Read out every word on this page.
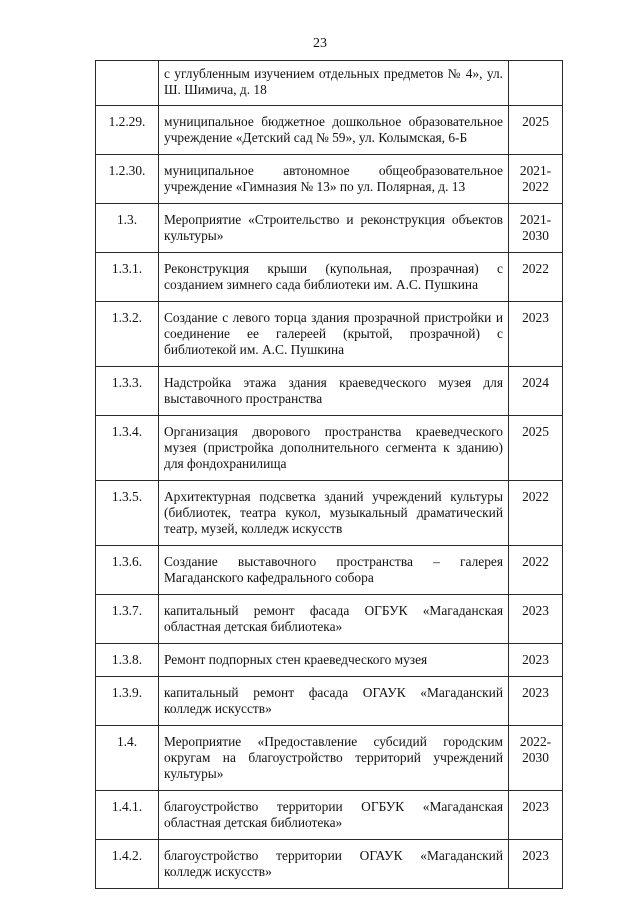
23
	с углубленным изучением отдельных предметов № 4», ул. Ш. Шимича, д. 18	
1.2.29.	муниципальное бюджетное дошкольное образовательное учреждение «Детский сад № 59», ул. Колымская, 6-Б	2025
1.2.30.	муниципальное автономное общеобразовательное учреждение «Гимназия № 13» по ул. Полярная, д. 13	2021-2022
1.3.	Мероприятие «Строительство и реконструкция объектов культуры»	2021-2030
1.3.1.	Реконструкция крыши (купольная, прозрачная) с созданием зимнего сада библиотеки им. А.С. Пушкина	2022
1.3.2.	Создание с левого торца здания прозрачной пристройки и соединение ее галереей (крытой, прозрачной) с библиотекой им. А.С. Пушкина	2023
1.3.3.	Надстройка этажа здания краеведческого музея для выставочного пространства	2024
1.3.4.	Организация дворового пространства краеведческого музея (пристройка дополнительного сегмента к зданию) для фондохранилища	2025
1.3.5.	Архитектурная подсветка зданий учреждений культуры (библиотек, театра кукол, музыкальный драматический театр, музей, колледж искусств	2022
1.3.6.	Создание выставочного пространства – галерея Магаданского кафедрального собора	2022
1.3.7.	капитальный ремонт фасада ОГБУК «Магаданская областная детская библиотека»	2023
1.3.8.	Ремонт подпорных стен краеведческого музея	2023
1.3.9.	капитальный ремонт фасада ОГАУК «Магаданский колледж искусств»	2023
1.4.	Мероприятие «Предоставление субсидий городским округам на благоустройство территорий учреждений культуры»	2022-2030
1.4.1.	благоустройство территории ОГБУК «Магаданская областная детская библиотека»	2023
1.4.2.	благоустройство территории ОГАУК «Магаданский колледж искусств»	2023
